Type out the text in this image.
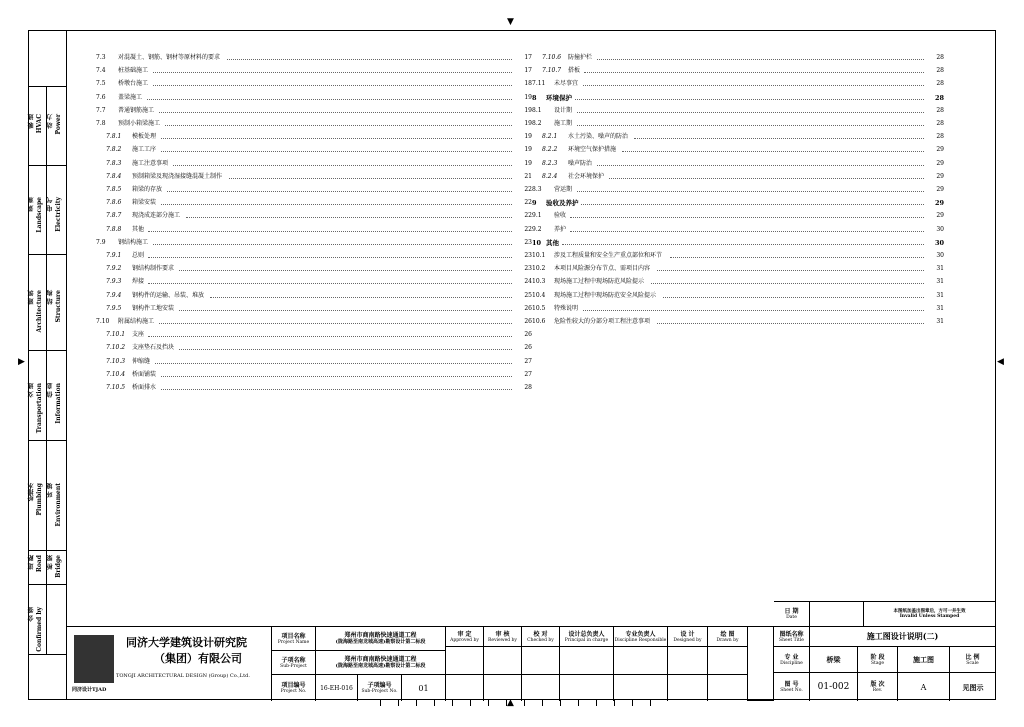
▼
▲
▶	◀
暖 通 HVAC 动 力 Power
景 观 Landscape 电 气 Electricity
建 筑 Architecture 结 构 Structure
交 通 Transportation 信 息 Information
给排水 Plumbing 环 境 Environment
道 路 Road 桥 梁 Bridge
会 签 Confirmed by
7.3 对混凝土、钢筋、钢材等原材料的要求	17
7.4 桩基础施工	17
7.5 桥墩台施工	18
7.6 盖梁施工	19
7.7 普通钢筋施工	19
7.8 预制小箱梁施工	19
7.8.1 模板处理	19
7.8.2 施工工序	19
7.8.3 施工注意事项	19
7.8.4 预制箱梁及现浇湿接缝混凝土制作	21
7.8.5 箱梁的存放	22
7.8.6 箱梁安装	22
7.8.7 现浇成连部分施工	22
7.8.8 其他	22
7.9 钢结构施工	23
7.9.1 总则	23
7.9.2 钢结构制作要求	23
7.9.3 焊接	24
7.9.4 钢构件的运输、吊装、堆放	25
7.9.5 钢构件工地安装	26
7.10 附属结构施工	26
7.10.1 支座	26
7.10.2 支座垫石及挡块	26
7.10.3 伸缩缝	27
7.10.4 桥面铺装	27
7.10.5 桥面排水	28
7.10.6 防撞护栏	28
7.10.7 搭板	28
7.11 未尽事宜	28
8 环境保护	28
8.1 设计期	28
8.2 施工期	28
8.2.1 水土污染、噪声的防治	28
8.2.2 环境空气保护措施	29
8.2.3 噪声防治	29
8.2.4 社会环境保护	29
8.3 营运期	29
9 验收及养护	29
9.1 验收	29
9.2 养护	30
10 其他	30
10.1 涉及工程质量和安全生产重点部位和环节	30
10.2 本项目风险源分布节点、需项目内容	31
10.3 现场施工过程中现场防范风险提示	31
10.4 现场施工过程中现场防范安全风险提示	31
10.5 特殊说明	31
10.6 危险性较大的分部分项工程注意事项	31
同济设计TJAD
同济大学建筑设计研究院
（集团）有限公司
TONGJI ARCHITECTURAL DESIGN (Group) Co.,Ltd.
项目名称
Project Name
郑州市商南路快速通道工程
(陇海路至南龙城高速)勘察设计第二标段
子项名称
Sub-Project
郑州市商南路快速通道工程
(陇海路至南龙城高速)勘察设计第二标段
项目编号
Project No.	16-EH-016	子项编号
Sub-Project No.	01
审 定
Approved by
审 核
Reviewed by
校 对
Checked by
设计总负责人
Principal in charge
专业负责人
Discipline Responsible
设 计
Designed by
绘 图
Drawn by
日 期
Date
本图纸加盖出图章后，方可一并生效
Invalid Unless Stamped
图纸名称
Sheet Title	施工图设计说明(二)
专 业
Discipline	桥梁	阶 段
Stage	施工图	比 例
Scale
图 号
Sheet No.	01-002	版 次
Rev.	A	见图示
